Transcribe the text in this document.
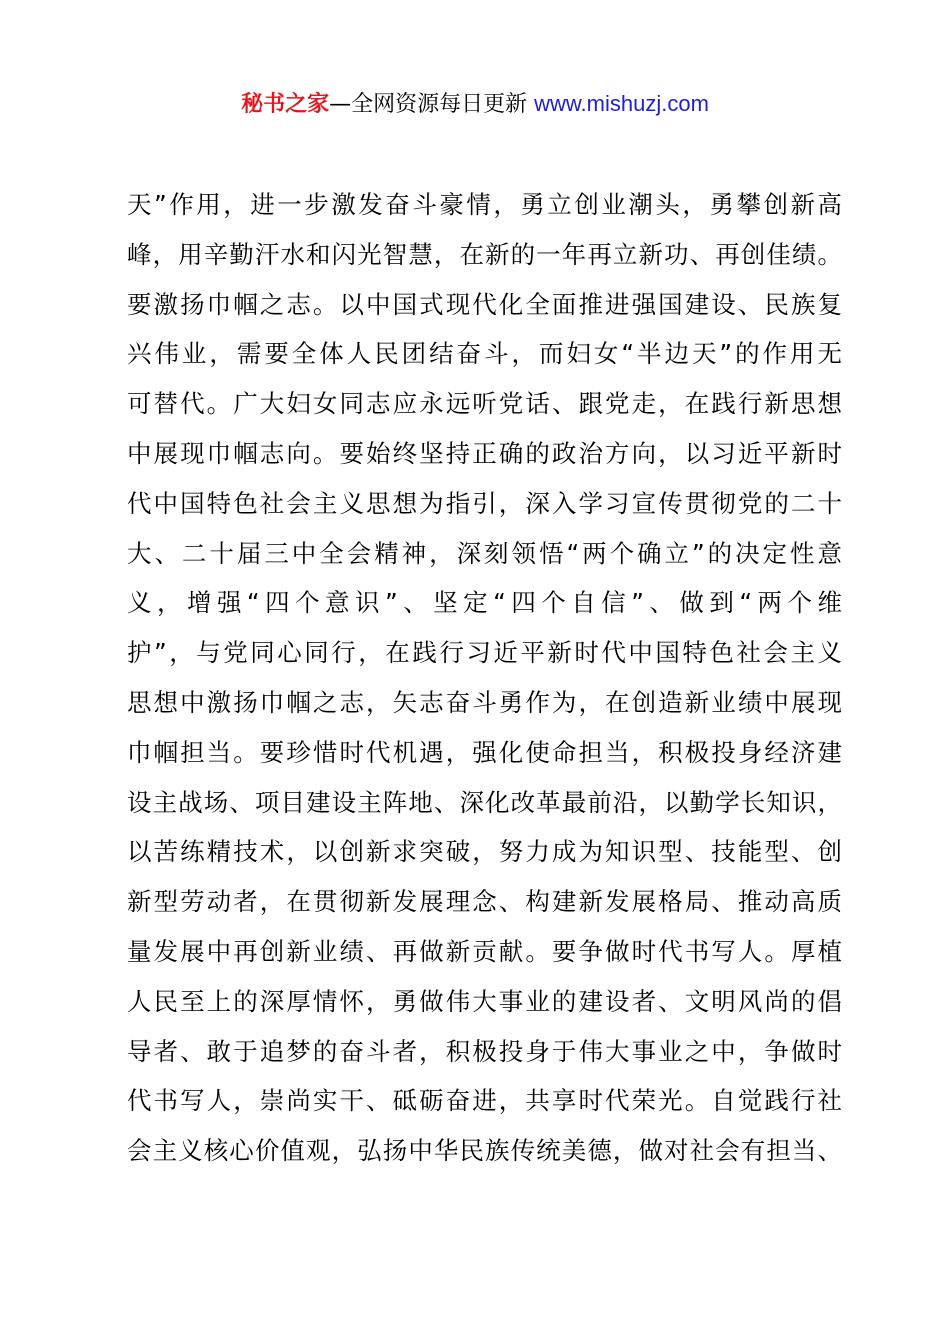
秘书之家—全网资源每日更新 www.mishuzj.com
天”作用，进一步激发奋斗豪情，勇立创业潮头，勇攀创新高
峰，用辛勤汗水和闪光智慧，在新的一年再立新功、再创佳绩。
要激扬巾帼之志。以中国式现代化全面推进强国建设、民族复
兴伟业，需要全体人民团结奋斗，而妇女“半边天”的作用无
可替代。广大妇女同志应永远听党话、跟党走，在践行新思想
中展现巾帼志向。要始终坚持正确的政治方向，以习近平新时
代中国特色社会主义思想为指引，深入学习宣传贯彻党的二十
大、二十届三中全会精神，深刻领悟“两个确立”的决定性意
义，增强“四个意识”、坚定“四个自信”、做到“两个维
护”，与党同心同行，在践行习近平新时代中国特色社会主义
思想中激扬巾帼之志，矢志奋斗勇作为，在创造新业绩中展现
巾帼担当。要珍惜时代机遇，强化使命担当，积极投身经济建
设主战场、项目建设主阵地、深化改革最前沿，以勤学长知识，
以苦练精技术，以创新求突破，努力成为知识型、技能型、创
新型劳动者，在贯彻新发展理念、构建新发展格局、推动高质
量发展中再创新业绩、再做新贡献。要争做时代书写人。厚植
人民至上的深厚情怀，勇做伟大事业的建设者、文明风尚的倡
导者、敢于追梦的奋斗者，积极投身于伟大事业之中，争做时
代书写人，崇尚实干、砥砺奋进，共享时代荣光。自觉践行社
会主义核心价值观，弘扬中华民族传统美德，做对社会有担当、
